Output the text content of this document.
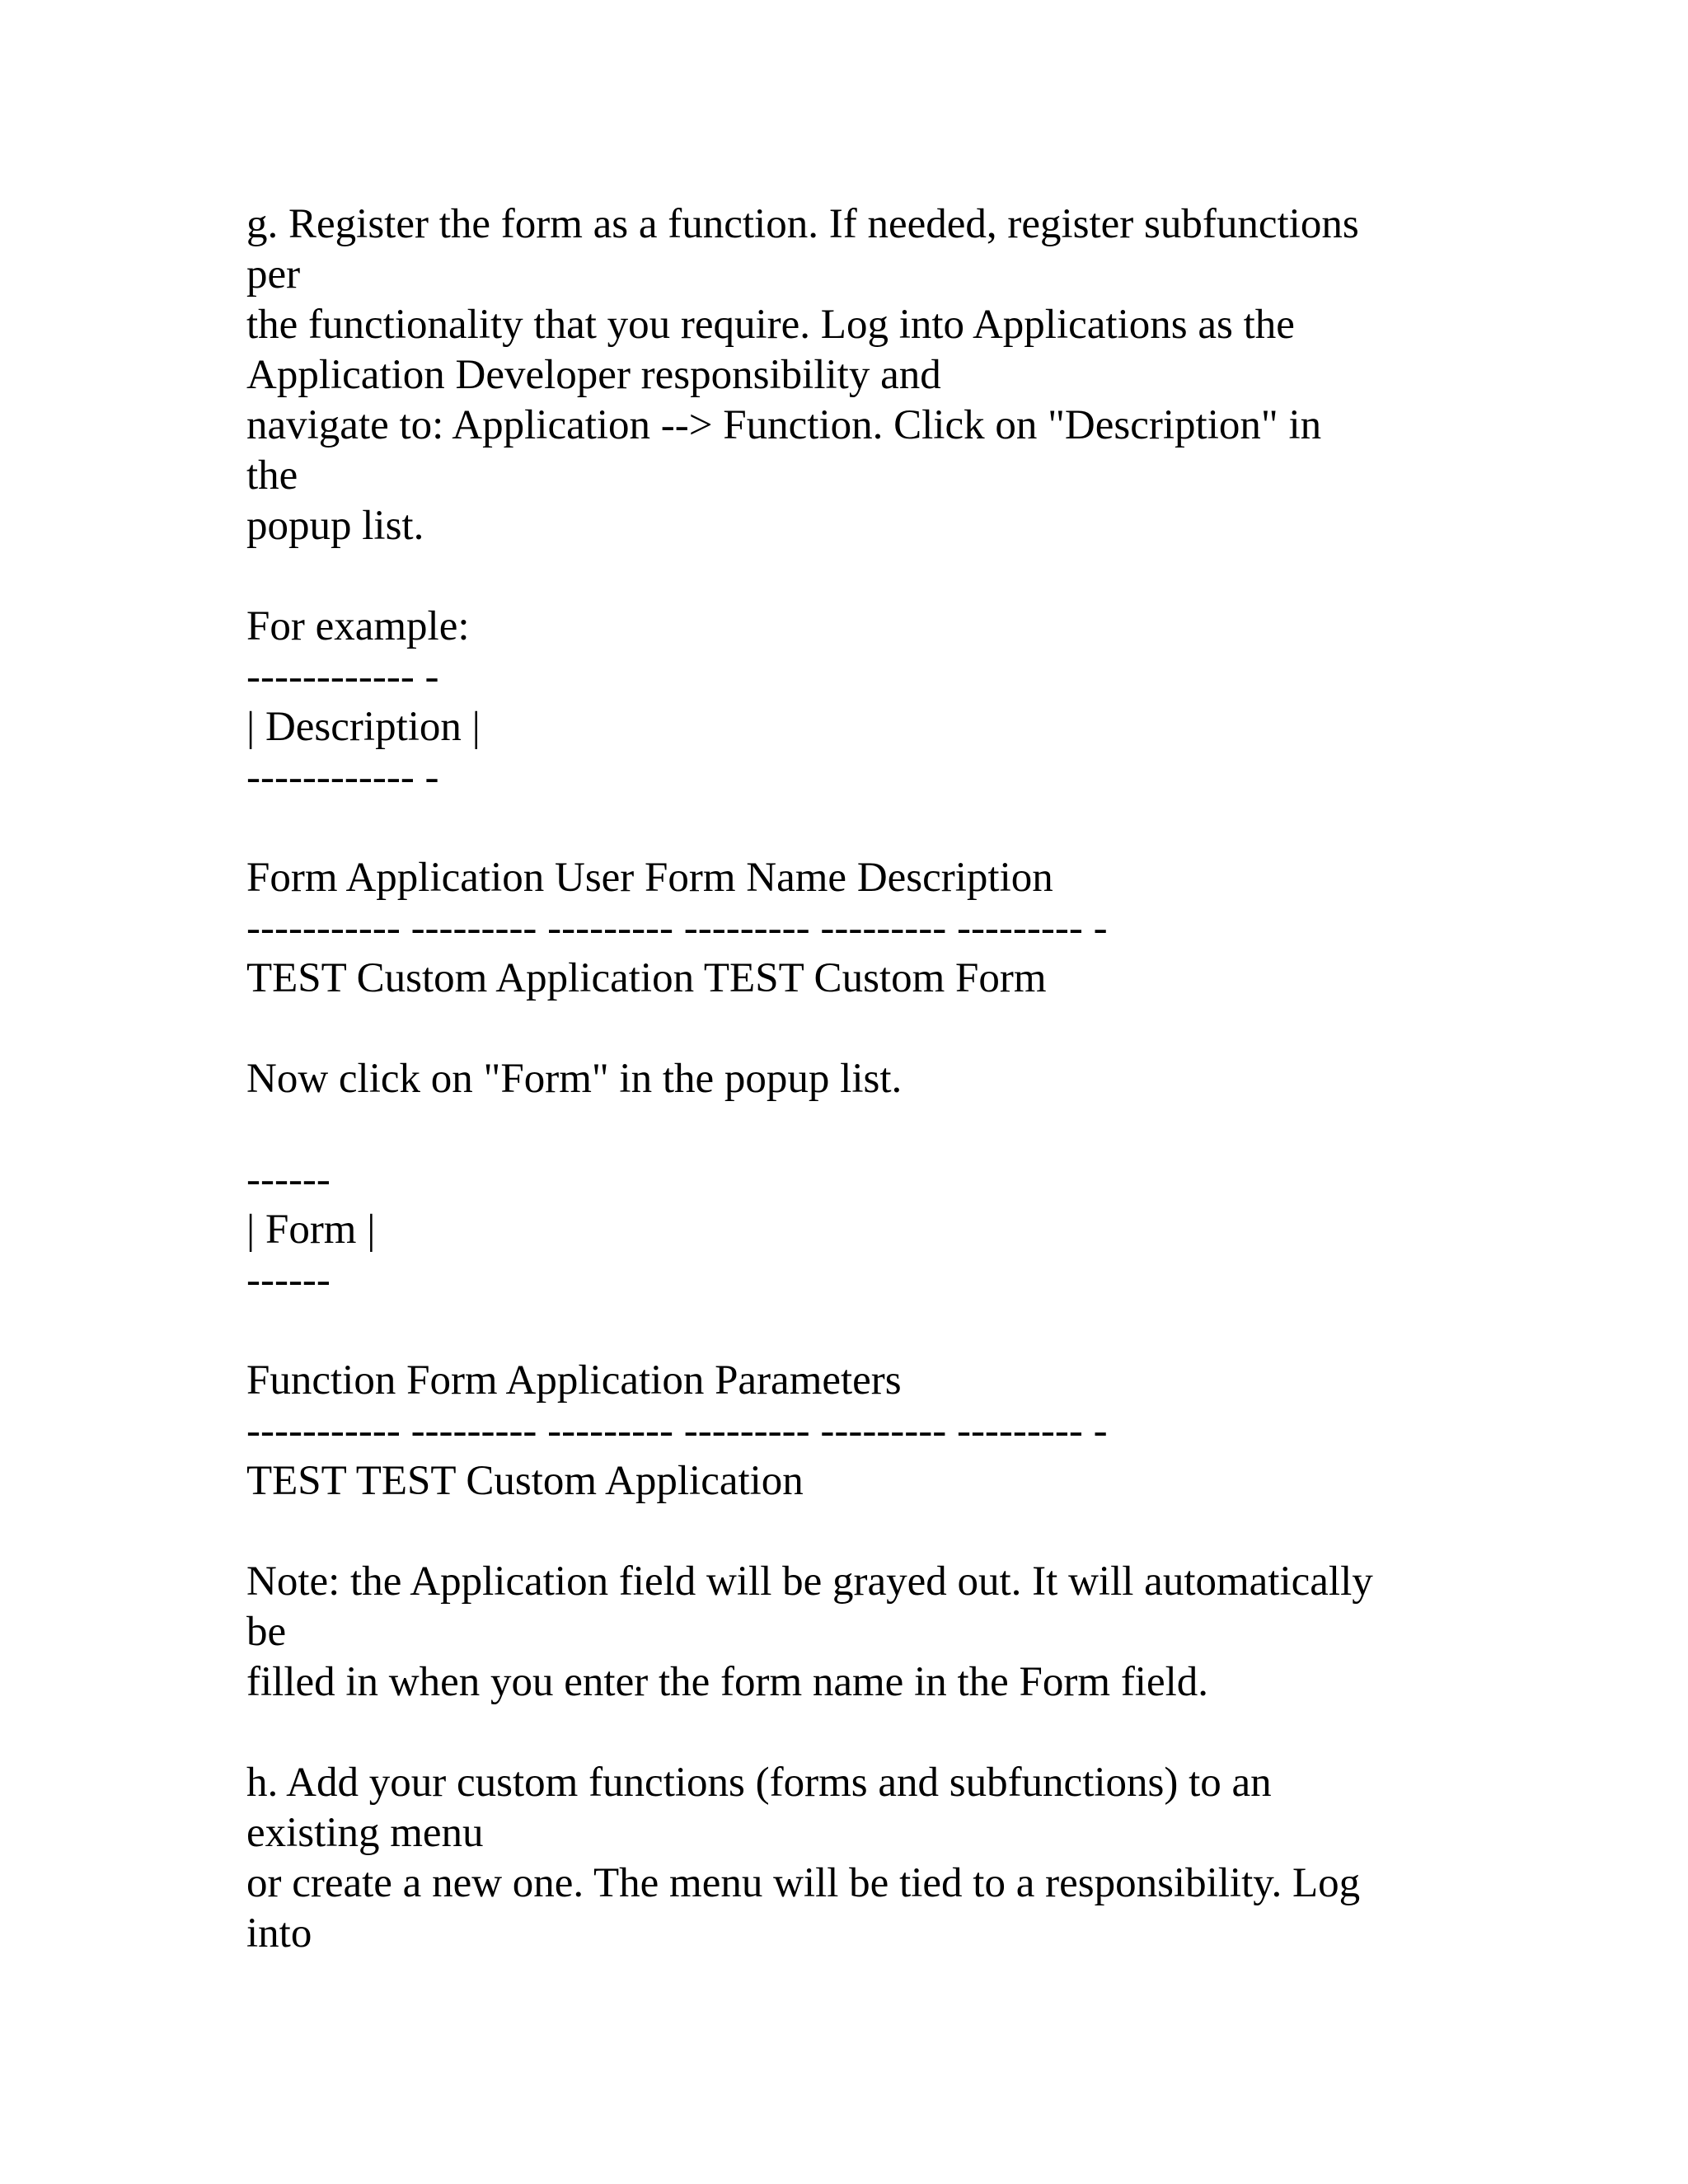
g. Register the form as a function. If needed, register subfunctions
per
the functionality that you require. Log into Applications as the
Application Developer responsibility and
navigate to: Application --> Function. Click on "Description" in
the
popup list.
For example:
------------ -
| Description |
------------ -
Form Application User Form Name Description
----------- --------- --------- --------- --------- --------- -
TEST Custom Application TEST Custom Form
Now click on "Form" in the popup list.
------
| Form |
------
Function Form Application Parameters
----------- --------- --------- --------- --------- --------- -
TEST TEST Custom Application
Note: the Application field will be grayed out. It will automatically
be
filled in when you enter the form name in the Form field.
h. Add your custom functions (forms and subfunctions) to an
existing menu
or create a new one. The menu will be tied to a responsibility. Log
into
